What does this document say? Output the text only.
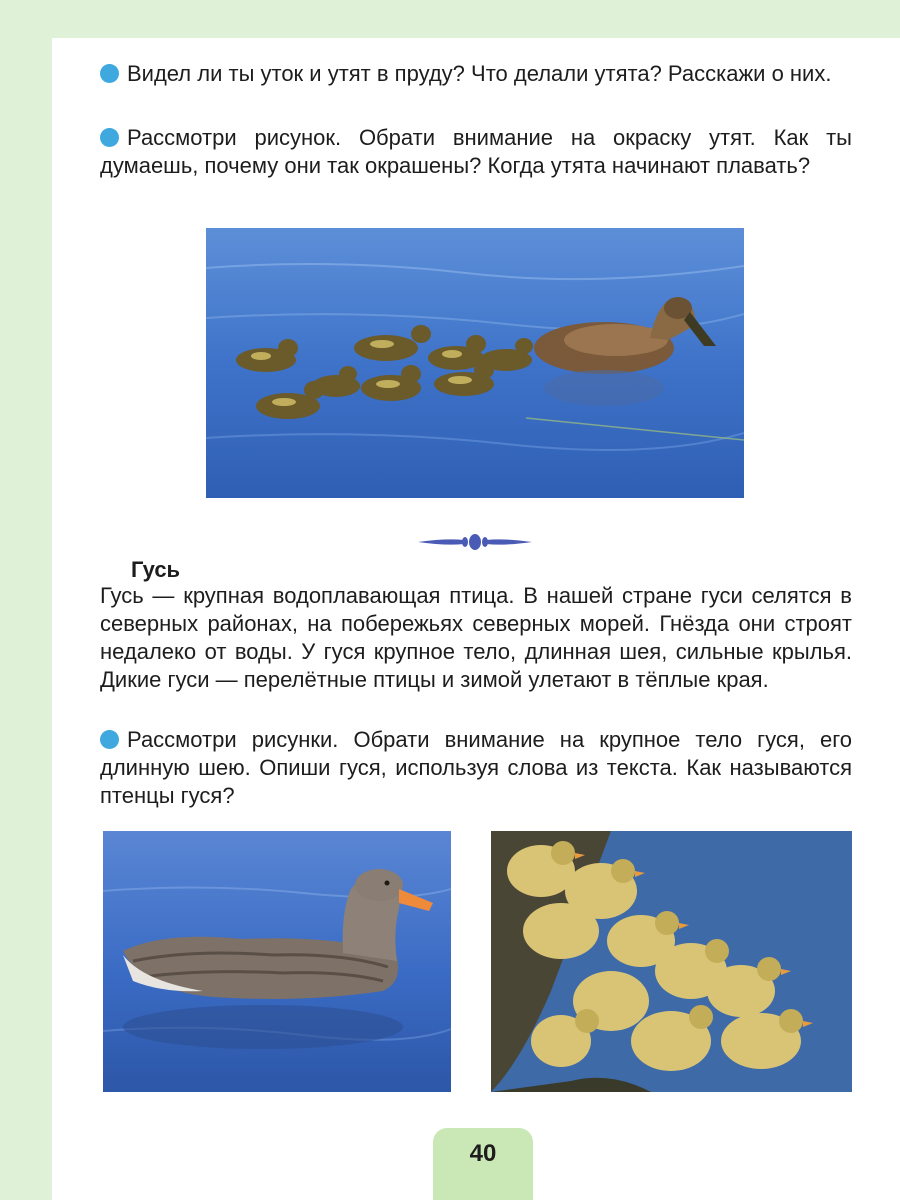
Видел ли ты уток и утят в пруду? Что делали утята? Расскажи о них.
Рассмотри рисунок. Обрати внимание на окраску утят. Как ты думаешь, почему они так окрашены? Когда утята начинают плавать?
Гусь
Гусь — крупная водоплавающая птица. В нашей стране гуси селятся в северных районах, на побережьях северных морей. Гнёзда они строят недалеко от воды. У гуся крупное тело, длинная шея, сильные крылья. Дикие гуси — перелётные птицы и зимой улетают в тёплые края.
Рассмотри рисунки. Обрати внимание на крупное тело гуся, его длинную шею. Опиши гуся, используя слова из текста. Как называются птенцы гуся?
40
